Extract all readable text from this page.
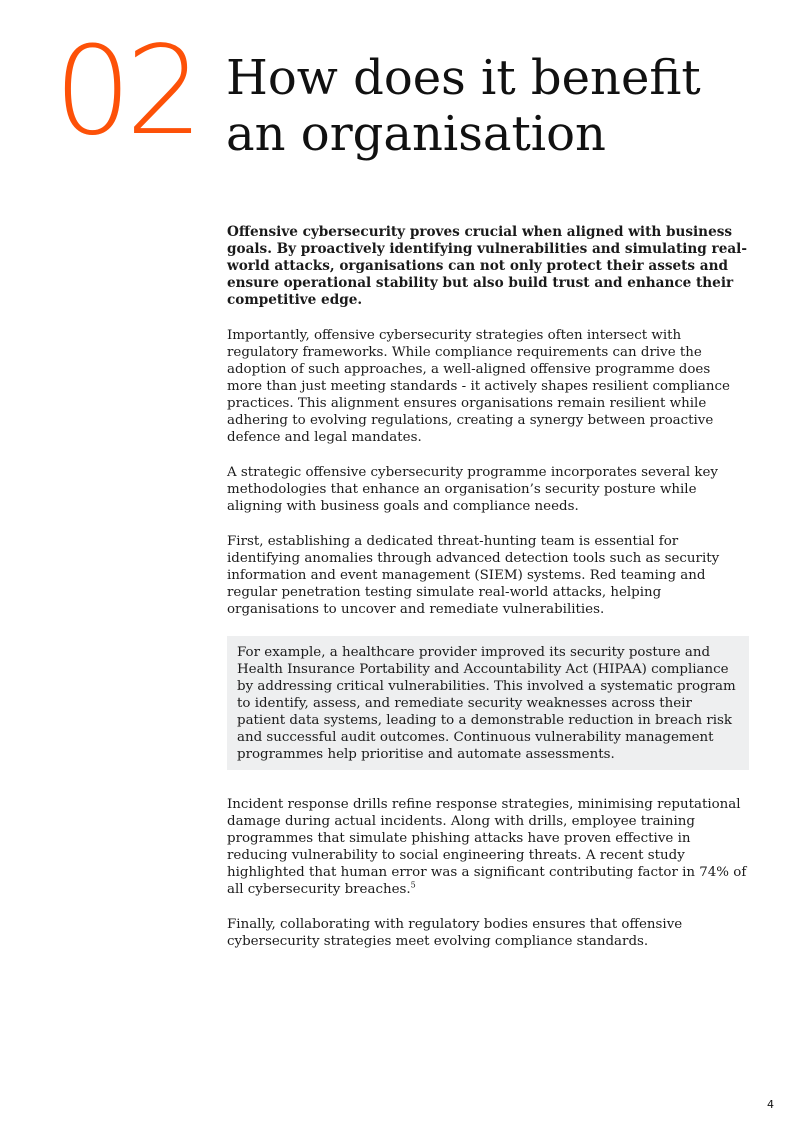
02 How does it benefit
an organisation

Offensive cybersecurity proves crucial when aligned with business goals. By proactively identifying vulnerabilities and simulating real-world attacks, organisations can not only protect their assets and ensure operational stability but also build trust and enhance their competitive edge.

Importantly, offensive cybersecurity strategies often intersect with regulatory frameworks. While compliance requirements can drive the adoption of such approaches, a well-aligned offensive programme does more than just meeting standards - it actively shapes resilient compliance practices. This alignment ensures organisations remain resilient while adhering to evolving regulations, creating a synergy between proactive defence and legal mandates.

A strategic offensive cybersecurity programme incorporates several key methodologies that enhance an organisation’s security posture while aligning with business goals and compliance needs.

First, establishing a dedicated threat-hunting team is essential for identifying anomalies through advanced detection tools such as security information and event management (SIEM) systems. Red teaming and regular penetration testing simulate real-world attacks, helping organisations to uncover and remediate vulnerabilities.

For example, a healthcare provider improved its security posture and Health Insurance Portability and Accountability Act (HIPAA) compliance by addressing critical vulnerabilities. This involved a systematic program to identify, assess, and remediate security weaknesses across their patient data systems, leading to a demonstrable reduction in breach risk and successful audit outcomes. Continuous vulnerability management programmes help prioritise and automate assessments.

Incident response drills refine response strategies, minimising reputational damage during actual incidents. Along with drills, employee training programmes that simulate phishing attacks have proven effective in reducing vulnerability to social engineering threats. A recent study highlighted that human error was a significant contributing factor in 74% of all cybersecurity breaches.$^5$

Finally, collaborating with regulatory bodies ensures that offensive cybersecurity strategies meet evolving compliance standards.

4
